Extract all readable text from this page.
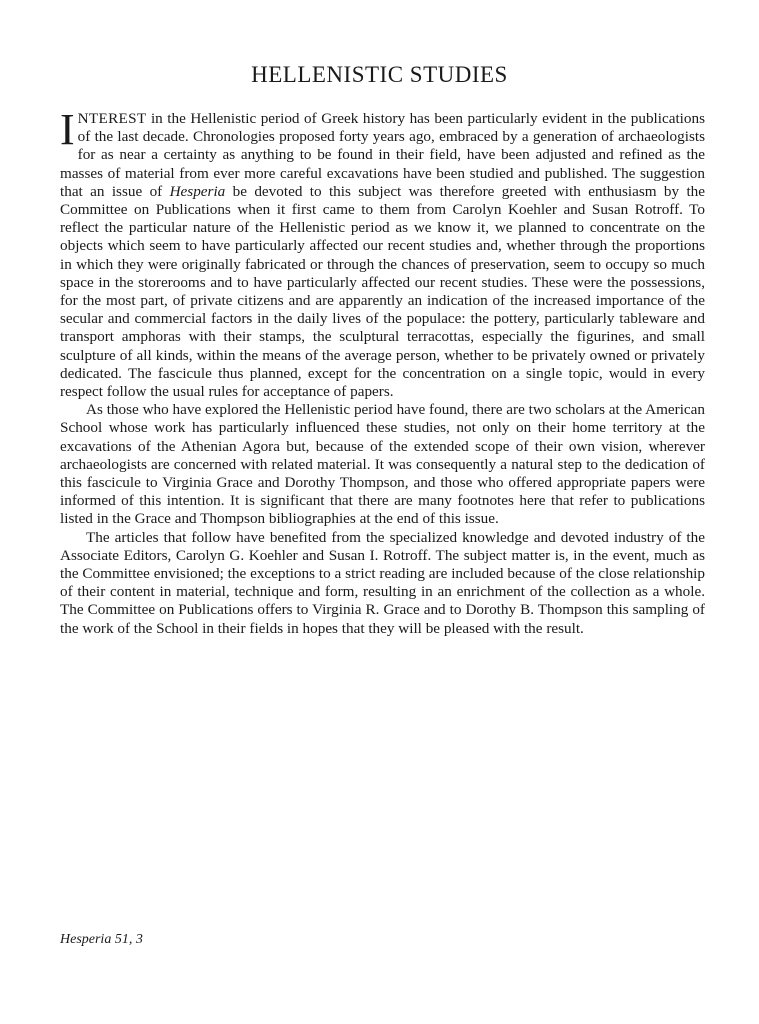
HELLENISTIC STUDIES

INTEREST in the Hellenistic period of Greek history has been particularly evident in the publications of the last decade. Chronologies proposed forty years ago, embraced by a generation of archaeologists for as near a certainty as anything to be found in their field, have been adjusted and refined as the masses of material from ever more careful excavations have been studied and published. The suggestion that an issue of Hesperia be devoted to this subject was therefore greeted with enthusiasm by the Committee on Publications when it first came to them from Carolyn Koehler and Susan Rotroff. To reflect the particular nature of the Hellenistic period as we know it, we planned to concentrate on the objects which seem to have particularly affected our recent studies and, whether through the proportions in which they were originally fabricated or through the chances of preservation, seem to occupy so much space in the storerooms and to have particularly affected our recent studies. These were the possessions, for the most part, of private citizens and are apparently an indication of the increased importance of the secular and commercial factors in the daily lives of the populace: the pottery, particularly tableware and transport amphoras with their stamps, the sculptural terracottas, especially the figurines, and small sculpture of all kinds, within the means of the average person, whether to be privately owned or privately dedicated. The fascicule thus planned, except for the concentration on a single topic, would in every respect follow the usual rules for acceptance of papers.

As those who have explored the Hellenistic period have found, there are two scholars at the American School whose work has particularly influenced these studies, not only on their home territory at the excavations of the Athenian Agora but, because of the extended scope of their own vision, wherever archaeologists are concerned with related material. It was consequently a natural step to the dedication of this fascicule to Virginia Grace and Dorothy Thompson, and those who offered appropriate papers were informed of this intention. It is significant that there are many footnotes here that refer to publications listed in the Grace and Thompson bibliographies at the end of this issue.

The articles that follow have benefited from the specialized knowledge and devoted industry of the Associate Editors, Carolyn G. Koehler and Susan I. Rotroff. The subject matter is, in the event, much as the Committee envisioned; the exceptions to a strict reading are included because of the close relationship of their content in material, technique and form, resulting in an enrichment of the collection as a whole. The Committee on Publications offers to Virginia R. Grace and to Dorothy B. Thompson this sampling of the work of the School in their fields in hopes that they will be pleased with the result.

Hesperia 51, 3
